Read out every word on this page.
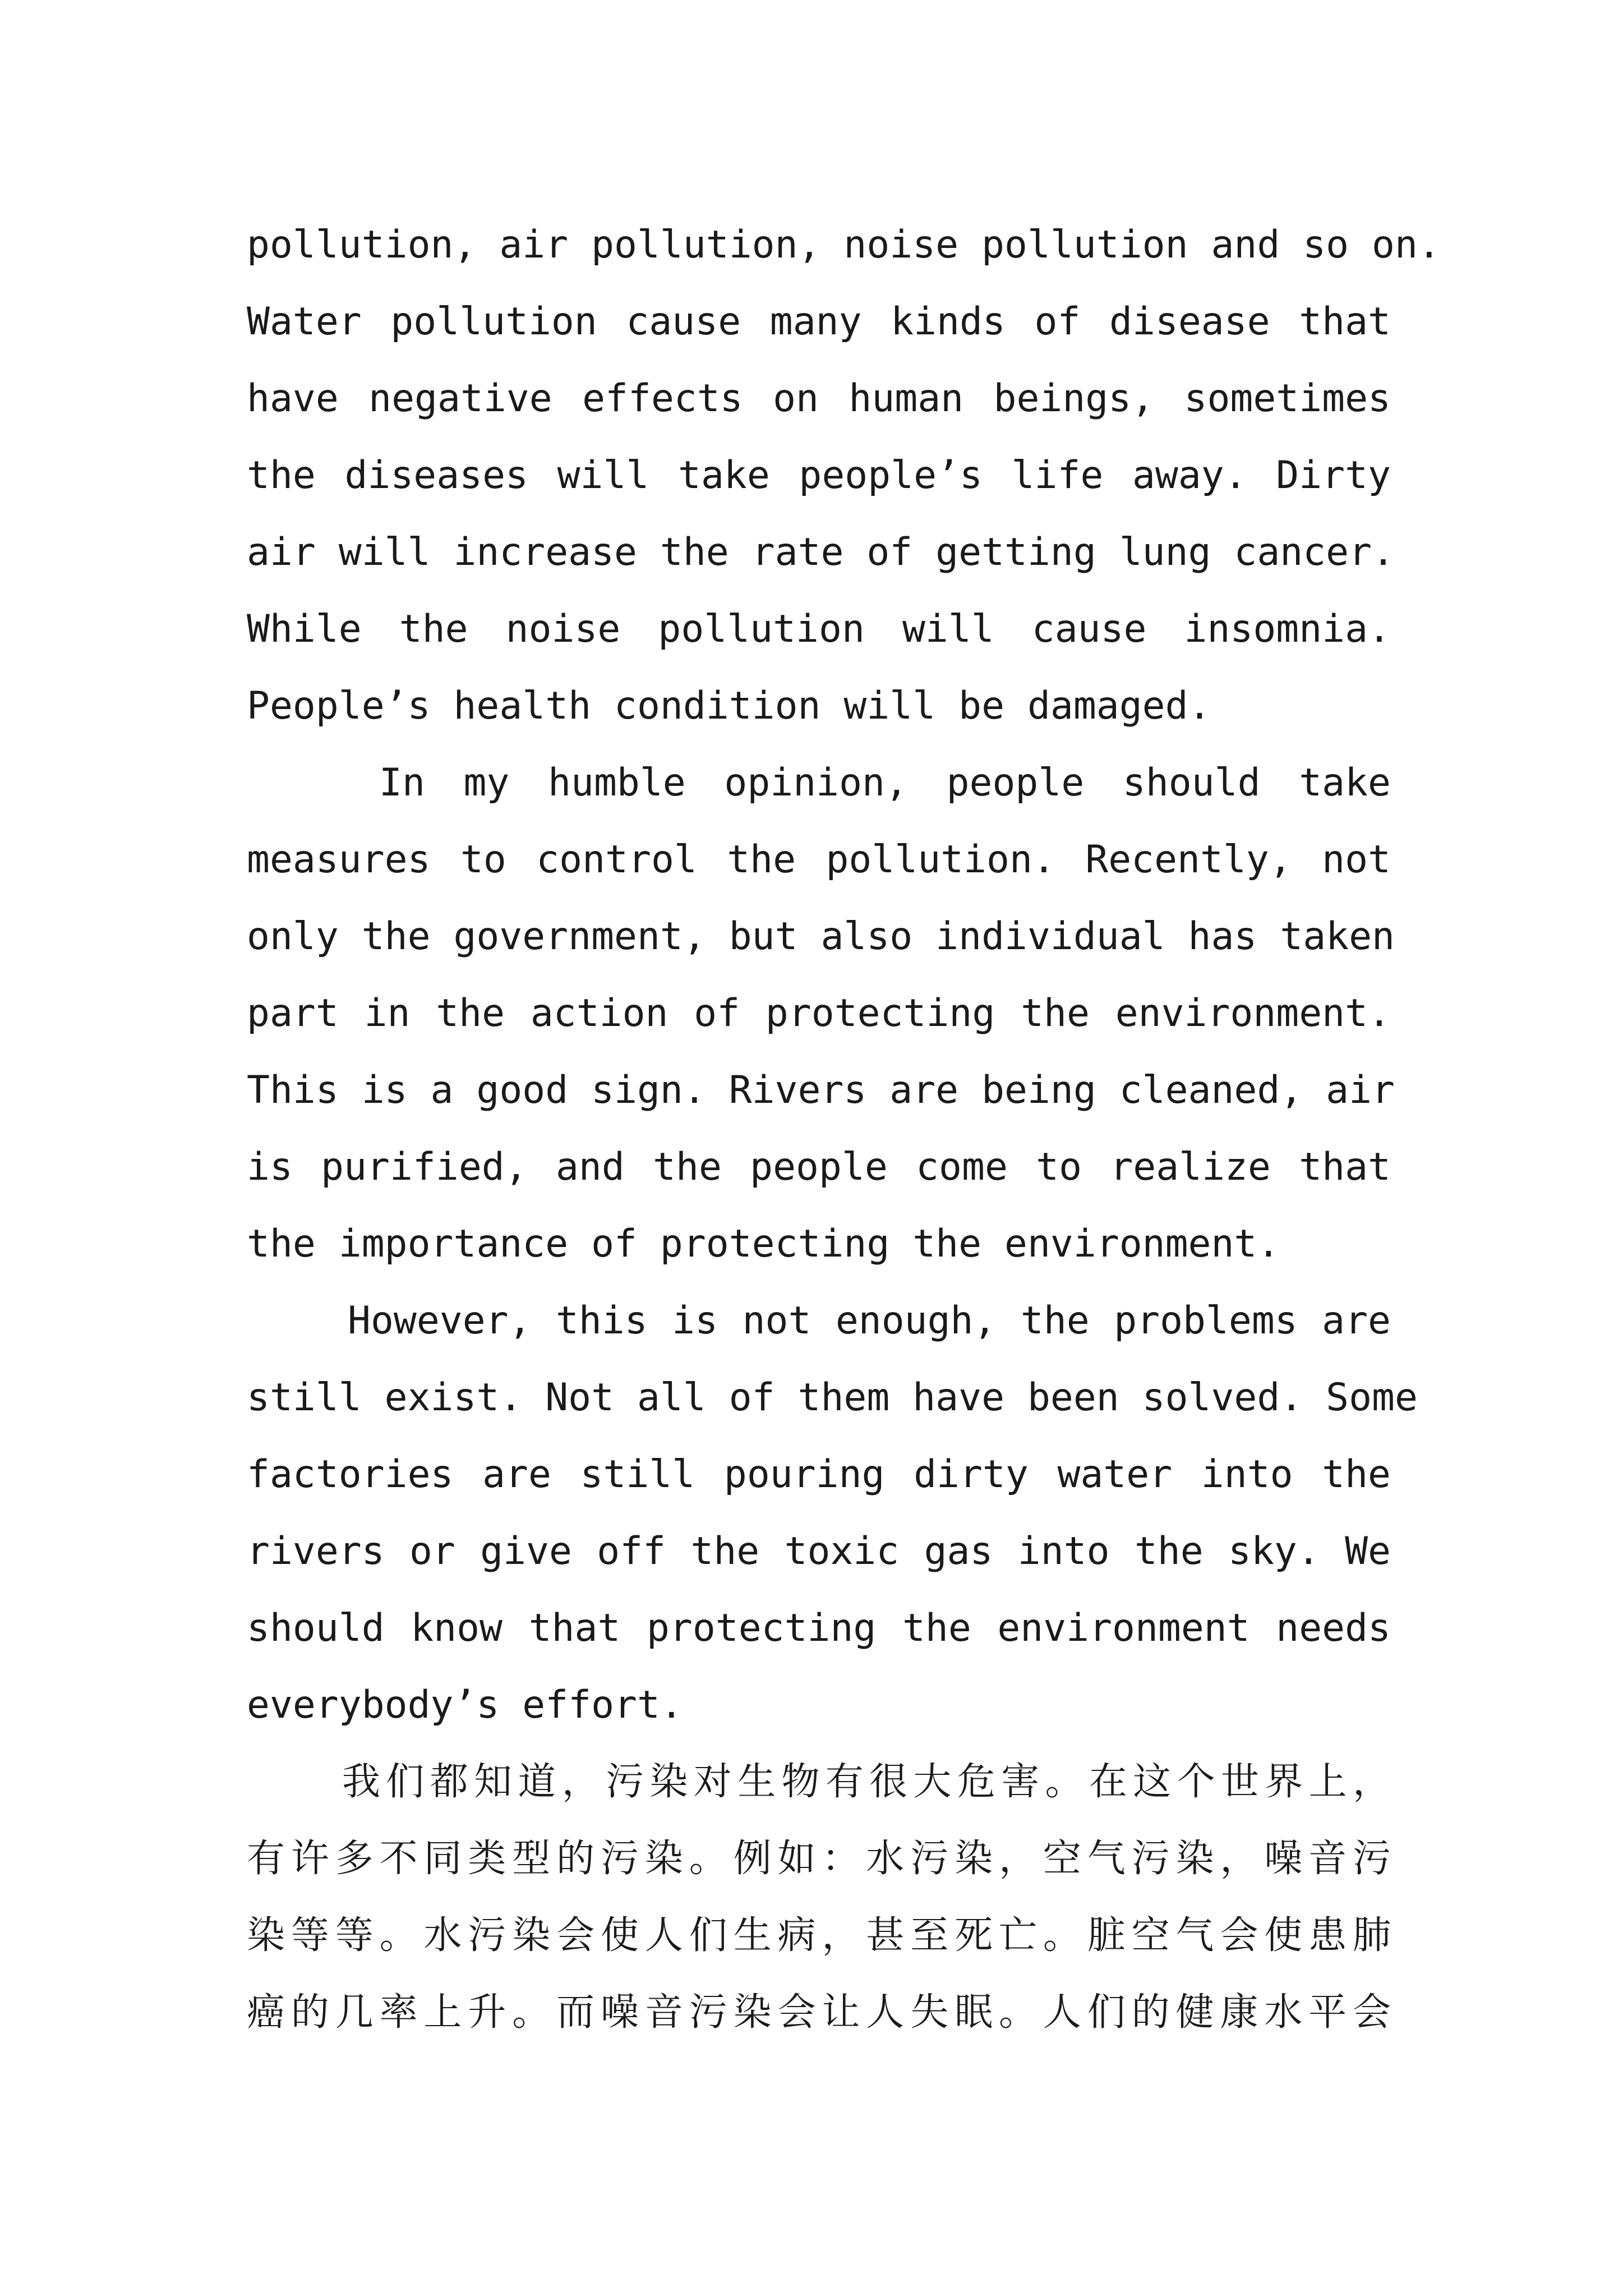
pollution, air pollution, noise pollution and so on.
Water pollution cause many kinds of disease that
have negative effects on human beings, sometimes
the diseases will take people’s life away. Dirty
air will increase the rate of getting lung cancer.
While the noise pollution will cause insomnia.
People’s health condition will be damaged.
In my humble opinion, people should take
measures to control the pollution. Recently, not
only the government, but also individual has taken
part in the action of protecting the environment.
This is a good sign. Rivers are being cleaned, air
is purified, and the people come to realize that
the importance of protecting the environment.
However, this is not enough, the problems are
still exist. Not all of them have been solved. Some
factories are still pouring dirty water into the
rivers or give off the toxic gas into the sky. We
should know that protecting the environment needs
everybody’s effort.
我们都知道，污染对生物有很大危害。在这个世界上，
有许多不同类型的污染。例如：水污染，空气污染，噪音污
染等等。水污染会使人们生病，甚至死亡。脏空气会使患肺
癌的几率上升。而噪音污染会让人失眠。人们的健康水平会
